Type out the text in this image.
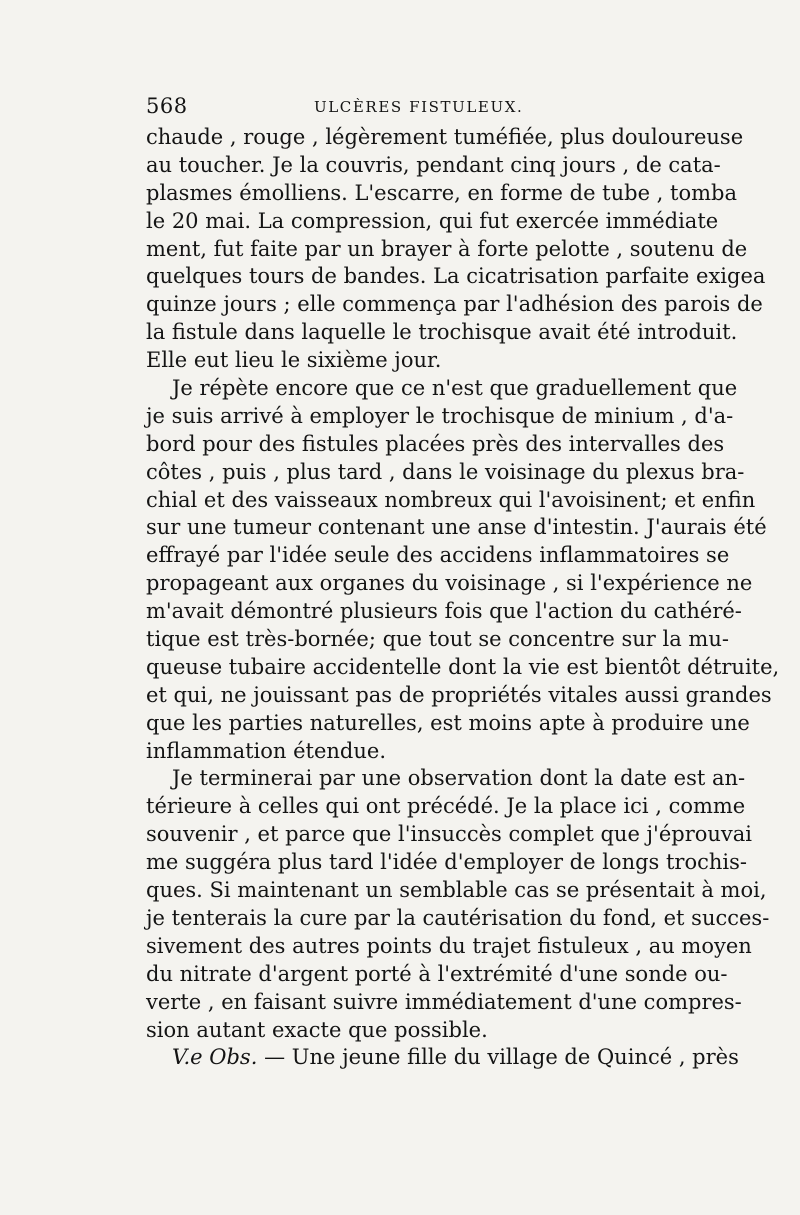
568	ULCÈRES FISTULEUX.
chaude , rouge , légèrement tuméfiée, plus douloureuse
au toucher. Je la couvris, pendant cinq jours , de cata-
plasmes émolliens. L'escarre, en forme de tube , tomba
le 20 mai. La compression, qui fut exercée immédiate
ment, fut faite par un brayer à forte pelotte , soutenu de
quelques tours de bandes. La cicatrisation parfaite exigea
quinze jours ; elle commença par l'adhésion des parois de
la fistule dans laquelle le trochisque avait été introduit.
Elle eut lieu le sixième jour.
Je répète encore que ce n'est que graduellement que
je suis arrivé à employer le trochisque de minium , d'a-
bord pour des fistules placées près des intervalles des
côtes , puis , plus tard , dans le voisinage du plexus bra-
chial et des vaisseaux nombreux qui l'avoisinent; et enfin
sur une tumeur contenant une anse d'intestin. J'aurais été
effrayé par l'idée seule des accidens inflammatoires se
propageant aux organes du voisinage , si l'expérience ne
m'avait démontré plusieurs fois que l'action du cathéré-
tique est très-bornée; que tout se concentre sur la mu-
queuse tubaire accidentelle dont la vie est bientôt détruite,
et qui, ne jouissant pas de propriétés vitales aussi grandes
que les parties naturelles, est moins apte à produire une
inflammation étendue.
Je terminerai par une observation dont la date est an-
térieure à celles qui ont précédé. Je la place ici , comme
souvenir , et parce que l'insuccès complet que j'éprouvai
me suggéra plus tard l'idée d'employer de longs trochis-
ques. Si maintenant un semblable cas se présentait à moi,
je tenterais la cure par la cautérisation du fond, et succes-
sivement des autres points du trajet fistuleux , au moyen
du nitrate d'argent porté à l'extrémité d'une sonde ou-
verte , en faisant suivre immédiatement d'une compres-
sion autant exacte que possible.
V.e Obs. — Une jeune fille du village de Quincé , près
